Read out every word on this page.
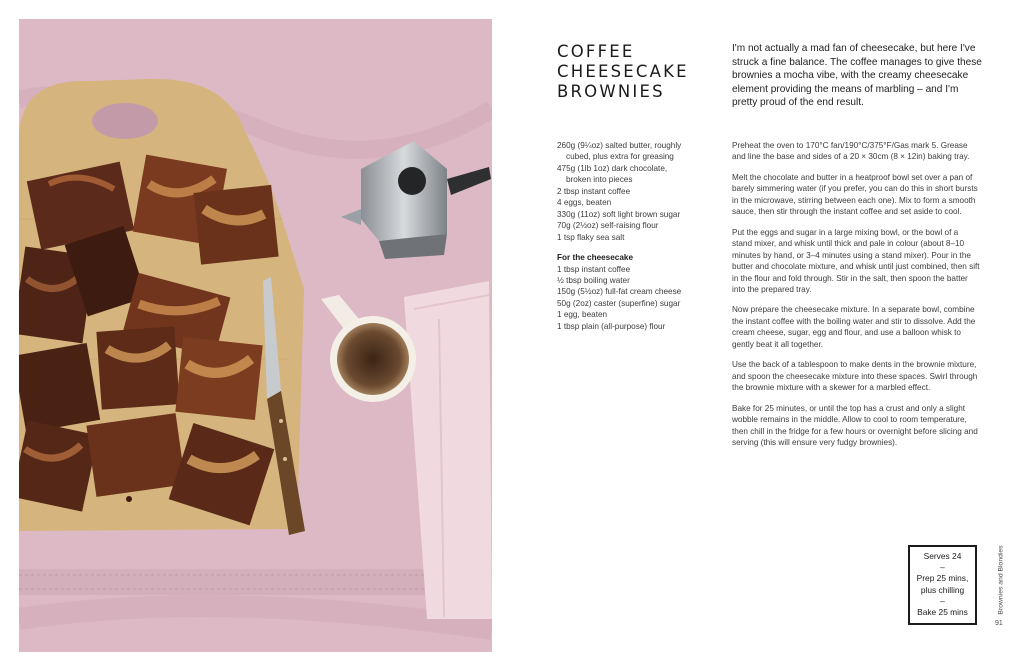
COFFEE
CHEESECAKE
BROWNIES

I'm not actually a mad fan of cheesecake, but here I've struck a fine balance. The coffee manages to give these brownies a mocha vibe, with the creamy cheesecake element providing the means of marbling – and I'm pretty proud of the end result.

260g (9¼oz) salted butter, roughly
cubed, plus extra for greasing
475g (1lb 1oz) dark chocolate,
broken into pieces
2 tbsp instant coffee
4 eggs, beaten
330g (11oz) soft light brown sugar
70g (2½oz) self-raising flour
1 tsp flaky sea salt
For the cheesecake
1 tbsp instant coffee
½ tbsp boiling water
150g (5½oz) full-fat cream cheese
50g (2oz) caster (superfine) sugar
1 egg, beaten
1 tbsp plain (all-purpose) flour

Preheat the oven to 170°C fan/190°C/375°F/Gas mark 5. Grease and line the base and sides of a 20 × 30cm (8 × 12in) baking tray.

Melt the chocolate and butter in a heatproof bowl set over a pan of barely simmering water (if you prefer, you can do this in short bursts in the microwave, stirring between each one). Mix to form a smooth sauce, then stir through the instant coffee and set aside to cool.

Put the eggs and sugar in a large mixing bowl, or the bowl of a stand mixer, and whisk until thick and pale in colour (about 8–10 minutes by hand, or 3–4 minutes using a stand mixer). Pour in the butter and chocolate mixture, and whisk until just combined, then sift in the flour and fold through. Stir in the salt, then spoon the batter into the prepared tray.

Now prepare the cheesecake mixture. In a separate bowl, combine the instant coffee with the boiling water and stir to dissolve. Add the cream cheese, sugar, egg and flour, and use a balloon whisk to gently beat it all together.

Use the back of a tablespoon to make dents in the brownie mixture, and spoon the cheesecake mixture into these spaces. Swirl through the brownie mixture with a skewer for a marbled effect.

Bake for 25 minutes, or until the top has a crust and only a slight wobble remains in the middle. Allow to cool to room temperature, then chill in the fridge for a few hours or overnight before slicing and serving (this will ensure very fudgy brownies).

Serves 24
–
Prep 25 mins,
plus chilling
–
Bake 25 mins	Brownies and Blondies
91
